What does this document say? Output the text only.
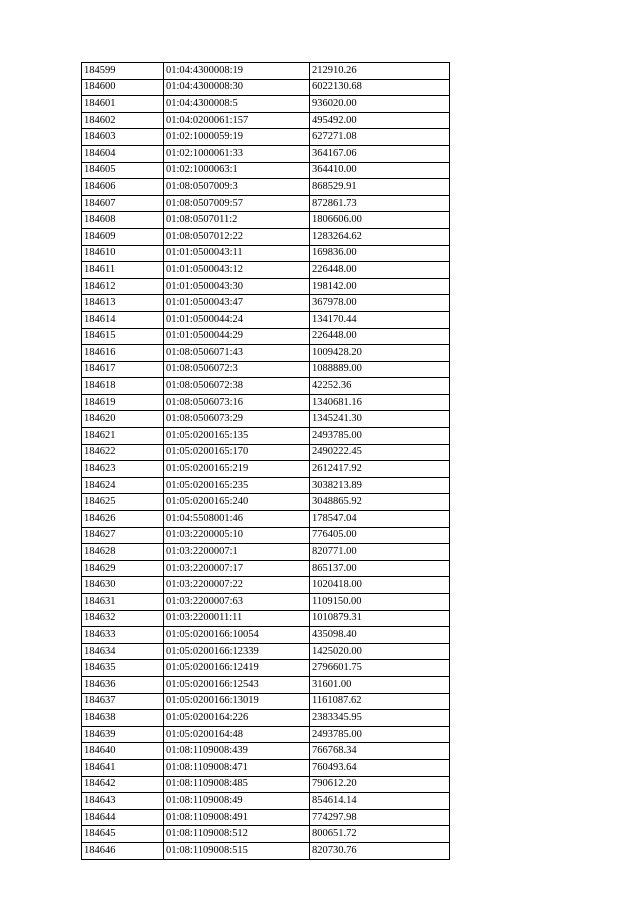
184599	01:04:4300008:19	212910.26
184600	01:04:4300008:30	6022130.68
184601	01:04:4300008:5	936020.00
184602	01:04:0200061:157	495492.00
184603	01:02:1000059:19	627271.08
184604	01:02:1000061:33	364167.06
184605	01:02:1000063:1	364410.00
184606	01:08:0507009:3	868529.91
184607	01:08:0507009:57	872861.73
184608	01:08:0507011:2	1806606.00
184609	01:08:0507012:22	1283264.62
184610	01:01:0500043:11	169836.00
184611	01:01:0500043:12	226448.00
184612	01:01:0500043:30	198142.00
184613	01:01:0500043:47	367978.00
184614	01:01:0500044:24	134170.44
184615	01:01:0500044:29	226448.00
184616	01:08:0506071:43	1009428.20
184617	01:08:0506072:3	1088889.00
184618	01:08:0506072:38	42252.36
184619	01:08:0506073:16	1340681.16
184620	01:08:0506073:29	1345241.30
184621	01:05:0200165:135	2493785.00
184622	01:05:0200165:170	2490222.45
184623	01:05:0200165:219	2612417.92
184624	01:05:0200165:235	3038213.89
184625	01:05:0200165:240	3048865.92
184626	01:04:5508001:46	178547.04
184627	01:03:2200005:10	776405.00
184628	01:03:2200007:1	820771.00
184629	01:03:2200007:17	865137.00
184630	01:03:2200007:22	1020418.00
184631	01:03:2200007:63	1109150.00
184632	01:03:2200011:11	1010879.31
184633	01:05:0200166:10054	435098.40
184634	01:05:0200166:12339	1425020.00
184635	01:05:0200166:12419	2796601.75
184636	01:05:0200166:12543	31601.00
184637	01:05:0200166:13019	1161087.62
184638	01:05:0200164:226	2383345.95
184639	01:05:0200164:48	2493785.00
184640	01:08:1109008:439	766768.34
184641	01:08:1109008:471	760493.64
184642	01:08:1109008:485	790612.20
184643	01:08:1109008:49	854614.14
184644	01:08:1109008:491	774297.98
184645	01:08:1109008:512	800651.72
184646	01:08:1109008:515	820730.76
